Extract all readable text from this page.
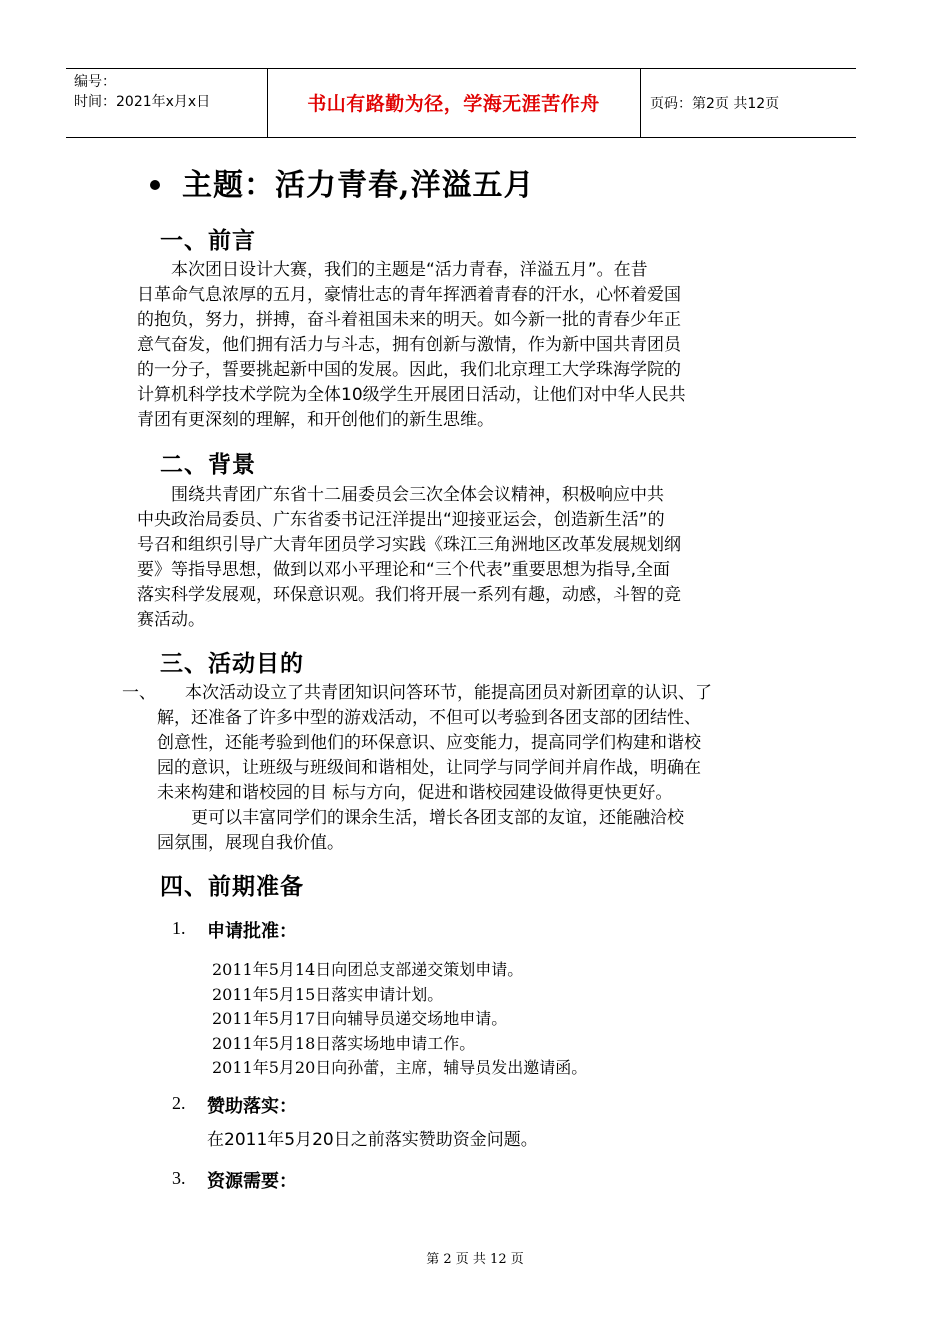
编号：
时间：2021年x月x日	书山有路勤为径，学海无涯苦作舟	页码：第2页 共12页
主题：活力青春,洋溢五月
一、前言

　　本次团日设计大赛，我们的主题是“活力青春，洋溢五月”。在昔

日革命气息浓厚的五月，豪情壮志的青年挥洒着青春的汗水，心怀着爱国

的抱负，努力，拼搏，奋斗着祖国未来的明天。如今新一批的青春少年正

意气奋发，他们拥有活力与斗志，拥有创新与激情，作为新中国共青团员

的一分子，誓要挑起新中国的发展。因此，我们北京理工大学珠海学院的

计算机科学技术学院为全体10级学生开展团日活动，让他们对中华人民共

青团有更深刻的理解，和开创他们的新生思维。

二、背景

　　围绕共青团广东省十二届委员会三次全体会议精神，积极响应中共

中央政治局委员、广东省委书记汪洋提出“迎接亚运会，创造新生活”的

号召和组织引导广大青年团员学习实践《珠江三角洲地区改革发展规划纲

要》等指导思想，做到以邓小平理论和“三个代表”重要思想为指导,全面

落实科学发展观，环保意识观。我们将开展一系列有趣，动感，斗智的竞

赛活动。

三、活动目的
一、	本次活动设立了共青团知识问答环节，能提高团员对新团章的认识、了

解，还准备了许多中型的游戏活动，不但可以考验到各团支部的团结性、

创意性，还能考验到他们的环保意识、应变能力，提高同学们构建和谐校

园的意识，让班级与班级间和谐相处，让同学与同学间并肩作战，明确在

未来构建和谐校园的目 标与方向，促进和谐校园建设做得更快更好。

　　更可以丰富同学们的课余生活，增长各团支部的友谊，还能融洽校

园氛围，展现自我价值。

四、前期准备
1. 申请批准：
2011年5月14日向团总支部递交策划申请。
2011年5月15日落实申请计划。
2011年5月17日向辅导员递交场地申请。
2011年5月18日落实场地申请工作。
2011年5月20日向孙蕾，主席，辅导员发出邀请函。
2. 赞助落实：
在2011年5月20日之前落实赞助资金问题。
3. 资源需要：
第 2 页 共 12 页
